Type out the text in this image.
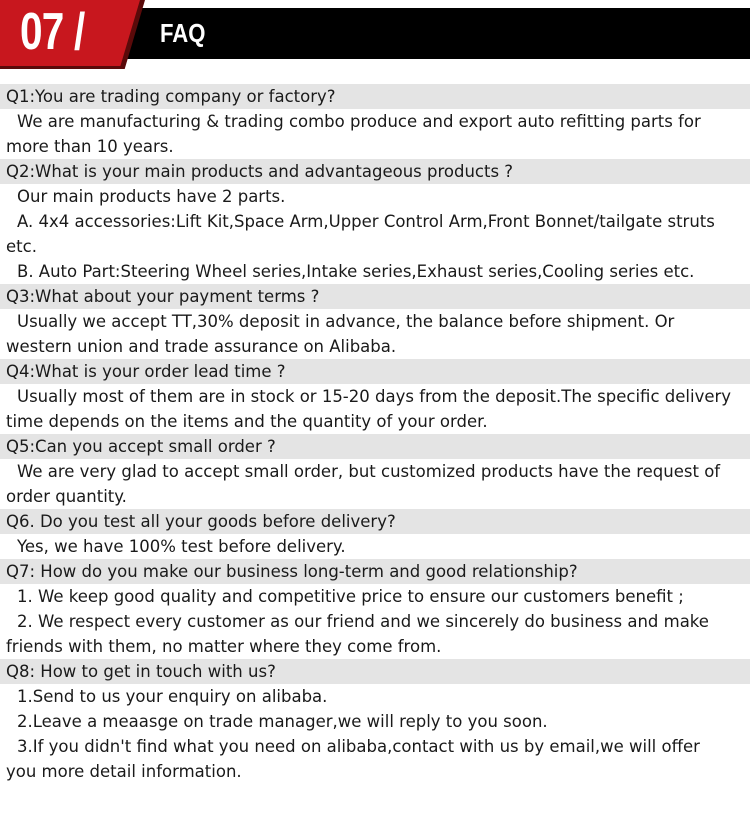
07 /	FAQ
Q1:You are trading company or factory?
We are manufacturing & trading combo produce and export auto refitting parts for
more than 10 years.
Q2:What is your main products and advantageous products ?
Our main products have 2 parts.
A. 4x4 accessories:Lift Kit,Space Arm,Upper Control Arm,Front Bonnet/tailgate struts
etc.
B. Auto Part:Steering Wheel series,Intake series,Exhaust series,Cooling series etc.
Q3:What about your payment terms ?
Usually we accept TT,30% deposit in advance, the balance before shipment. Or
western union and trade assurance on Alibaba.
Q4:What is your order lead time ?
Usually most of them are in stock or 15-20 days from the deposit.The specific delivery
time depends on the items and the quantity of your order.
Q5:Can you accept small order ?
We are very glad to accept small order, but customized products have the request of
order quantity.
Q6. Do you test all your goods before delivery?
Yes, we have 100% test before delivery.
Q7: How do you make our business long-term and good relationship?
1. We keep good quality and competitive price to ensure our customers benefit ;
2. We respect every customer as our friend and we sincerely do business and make
friends with them, no matter where they come from.
Q8: How to get in touch with us?
1.Send to us your enquiry on alibaba.
2.Leave a meaasge on trade manager,we will reply to you soon.
3.If you didn't find what you need on alibaba,contact with us by email,we will offer
you more detail information.
